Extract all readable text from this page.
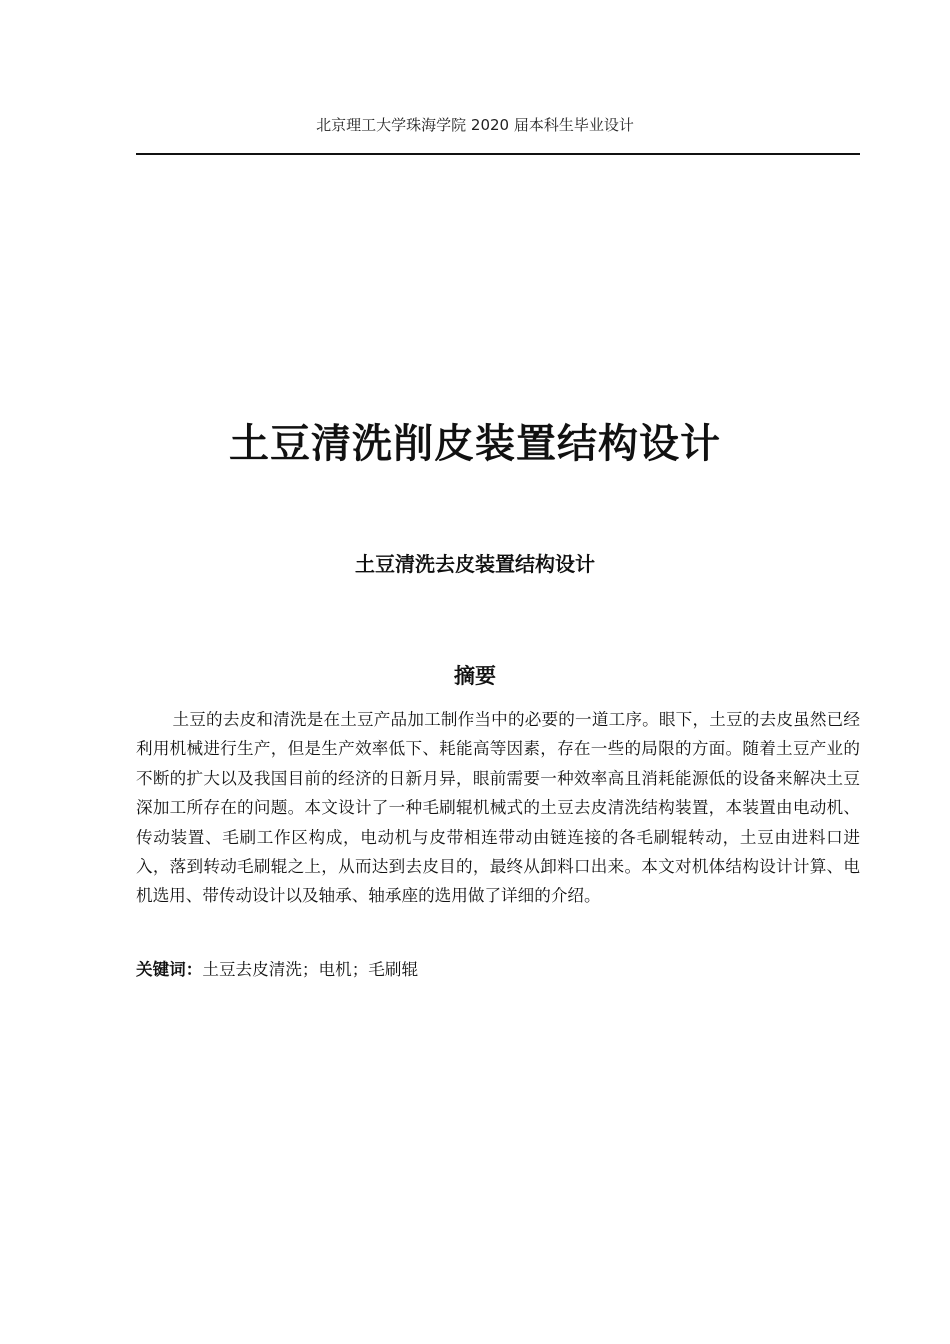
北京理工大学珠海学院 2020 届本科生毕业设计
土豆清洗削皮装置结构设计
土豆清洗去皮装置结构设计
摘要

土豆的去皮和清洗是在土豆产品加工制作当中的必要的一道工序。眼下，土豆的去皮虽然已经利用机械进行生产，但是生产效率低下、耗能高等因素，存在一些的局限的方面。随着土豆产业的不断的扩大以及我国目前的经济的日新月异，眼前需要一种效率高且消耗能源低的设备来解决土豆深加工所存在的问题。本文设计了一种毛刷辊机械式的土豆去皮清洗结构装置，本装置由电动机、传动装置、毛刷工作区构成，电动机与皮带相连带动由链连接的各毛刷辊转动，土豆由进料口进入，落到转动毛刷辊之上，从而达到去皮目的，最终从卸料口出来。本文对机体结构设计计算、电机选用、带传动设计以及轴承、轴承座的选用做了详细的介绍。

关键词：土豆去皮清洗；电机；毛刷辊
